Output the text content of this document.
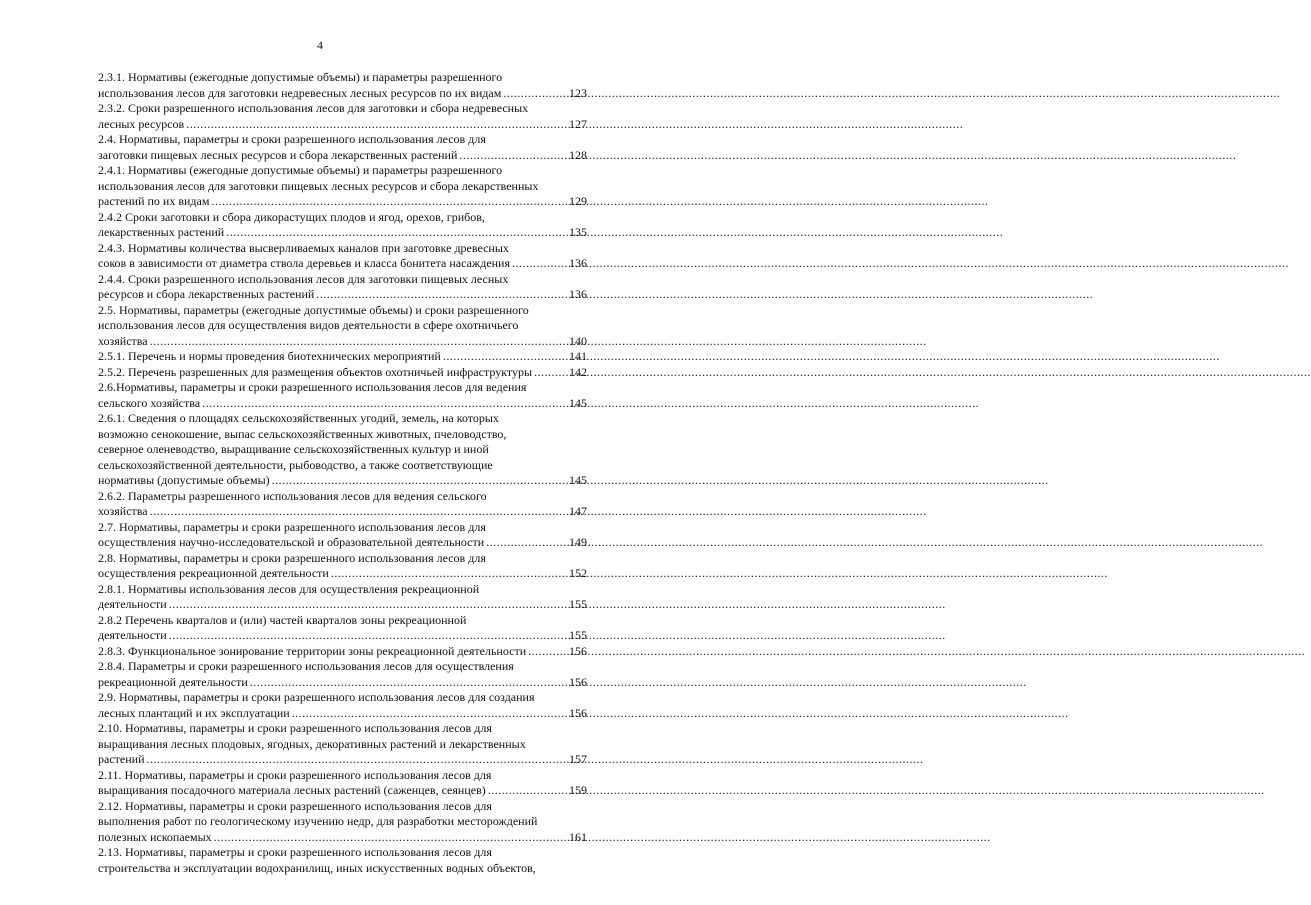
4
2.3.1. Нормативы (ежегодные допустимые объемы) и параметры разрешенного
использования лесов для заготовки недревесных лесных ресурсов по их видам .....	123
2.3.2. Сроки разрешенного использования лесов для заготовки и сбора недревесных
лесных ресурсов .....	127
2.4. Нормативы, параметры и сроки разрешенного использования лесов для
заготовки пищевых лесных ресурсов и сбора лекарственных растений .....	128
2.4.1. Нормативы (ежегодные допустимые объемы) и параметры разрешенного
использования лесов для заготовки пищевых лесных ресурсов и сбора лекарственных
растений по их видам .....	129
2.4.2 Сроки заготовки и сбора дикорастущих плодов и ягод, орехов, грибов,
лекарственных растений .....	135
2.4.3. Нормативы количества высверливаемых каналов при заготовке древесных
соков в зависимости от диаметра ствола деревьев и класса бонитета насаждения .....	136
2.4.4. Сроки разрешенного использования лесов для заготовки пищевых лесных
ресурсов и сбора лекарственных растений .....	136
2.5. Нормативы, параметры (ежегодные допустимые объемы) и сроки разрешенного
использования лесов для осуществления видов деятельности в сфере охотничьего
хозяйства .....	140
2.5.1. Перечень и нормы проведения биотехнических мероприятий .....	141
2.5.2. Перечень разрешенных для размещения объектов охотничьей инфраструктуры .....	142
2.6.Нормативы, параметры и сроки разрешенного использования лесов для ведения
сельского хозяйства .....	145
2.6.1. Сведения о площадях сельскохозяйственных угодий, земель, на которых
возможно сенокошение, выпас сельскохозяйственных животных, пчеловодство,
северное оленеводство, выращивание сельскохозяйственных культур и иной
сельскохозяйственной деятельности, рыбоводство, а также соответствующие
нормативы (допустимые объемы) .....	145
2.6.2. Параметры разрешенного использования лесов для ведения сельского
хозяйства .....	147
2.7. Нормативы, параметры и сроки разрешенного использования лесов для
осуществления научно-исследовательской и образовательной деятельности .....	149
2.8. Нормативы, параметры и сроки разрешенного использования лесов для
осуществления рекреационной деятельности .....	152
2.8.1. Нормативы использования лесов для осуществления рекреационной
деятельности .....	155
2.8.2 Перечень кварталов и (или) частей кварталов зоны рекреационной
деятельности .....	155
2.8.3. Функциональное зонирование территории зоны рекреационной деятельности .....	156
2.8.4. Параметры и сроки разрешенного использования лесов для осуществления
рекреационной деятельности .....	156
2.9. Нормативы, параметры и сроки разрешенного использования лесов для создания
лесных плантаций и их эксплуатации .....	156
2.10. Нормативы, параметры и сроки разрешенного использования лесов для
выращивания лесных плодовых, ягодных, декоративных растений и лекарственных
растений .....	157
2.11. Нормативы, параметры и сроки разрешенного использования лесов для
выращивания посадочного материала лесных растений (саженцев, сеянцев) .....	159
2.12. Нормативы, параметры и сроки разрешенного использования лесов для
выполнения работ по геологическому изучению недр, для разработки месторождений
полезных ископаемых .....	161
2.13. Нормативы, параметры и сроки разрешенного использования лесов для
строительства и эксплуатации водохранилищ, иных искусственных водных объектов,
